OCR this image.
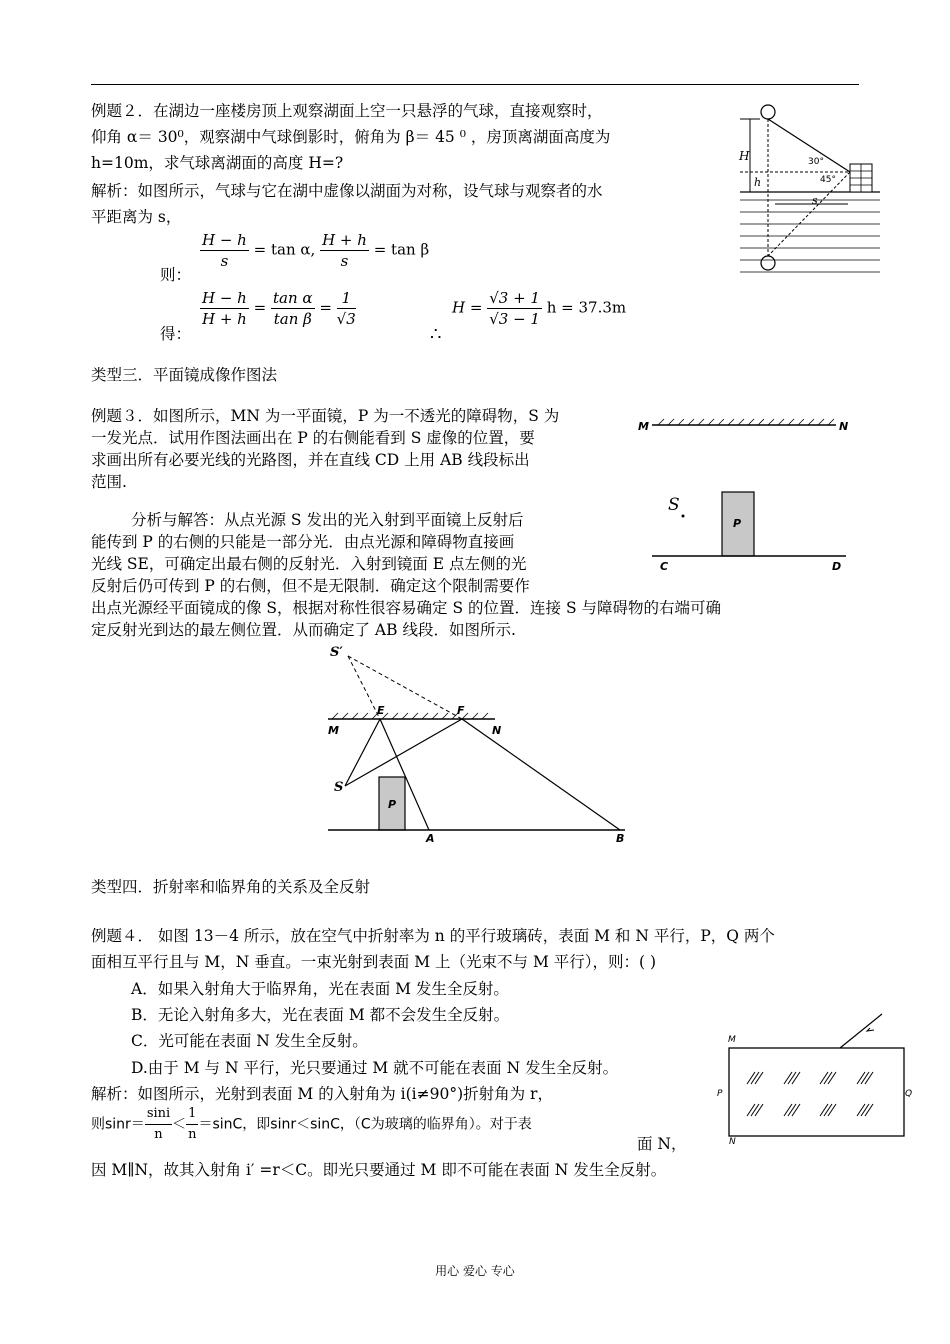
例题２．在湖边一座楼房顶上观察湖面上空一只悬浮的气球，直接观察时，
仰角 α＝ 30⁰，观察湖中气球倒影时，俯角为 β＝ 45 ⁰ ，房顶离湖面高度为
h=10m，求气球离湖面的高度 H=?
解析：如图所示，气球与它在湖中虚像以湖面为对称，设气球与观察者的水
平距离为 s，
则：
$\frac{H - h}{s} = \tan \alpha$, $\frac{H + h}{s} = \tan \beta$
得：
$\frac{H - h}{H + h} = \frac{\text{tan α}}{\text{tan β}} = \frac{1}{√3}$
∴
$H = \frac{√3 + 1}{√3 - 1}$ h = 37.3m
H
h
s
30°
45°
类型三．平面镜成像作图法
例题３．如图所示，MN 为一平面镜，P 为一不透光的障碍物，S 为
一发光点．试用作图法画出在 P 的右侧能看到 S 虚像的位置，要
求画出所有必要光线的光路图，并在直线 CD 上用 AB 线段标出
范围.
分析与解答：从点光源 S 发出的光入射到平面镜上反射后
能传到 P 的右侧的只能是一部分光．由点光源和障碍物直接画
光线 SE，可确定出最右侧的反射光．入射到镜面 E 点左侧的光
反射后仍可传到 P 的右侧，但不是无限制．确定这个限制需要作
出点光源经平面镜成的像 S，根据对称性很容易确定 S 的位置．连接 S 与障碍物的右端可确
定反射光到达的最左侧位置．从而确定了 AB 线段．如图所示.
M	N
S
P
C	D
S′
E	F
M	N
S
P
A	B
类型四．折射率和临界角的关系及全反射
例题４． 如图 13－4 所示，放在空气中折射率为 n 的平行玻璃砖，表面 M 和 N 平行，P，Q 两个
面相互平行且与 M，N 垂直。一束光射到表面 M 上（光束不与 M 平行），则：( )
A．如果入射角大于临界角，光在表面 M 发生全反射。
B．无论入射角多大，光在表面 M 都不会发生全反射。
C．光可能在表面 N 发生全反射。
D.由于 M 与 N 平行，光只要通过 M 就不可能在表面 N 发生全反射。
解析：如图所示，光射到表面 M 的入射角为 i(i≠90°)折射角为 r，
则$\sin r= \frac{\sin i}{n} < \frac{1}{n} =\sin C$，即sinr＜sinC，（C为玻璃的临界角）。对于表
面 N，
因 M∥N，故其入射角 i′ =r＜C。即光只要通过 M 即不可能在表面 N 发生全反射。
M
N
P	Q
用心 爱心 专心
